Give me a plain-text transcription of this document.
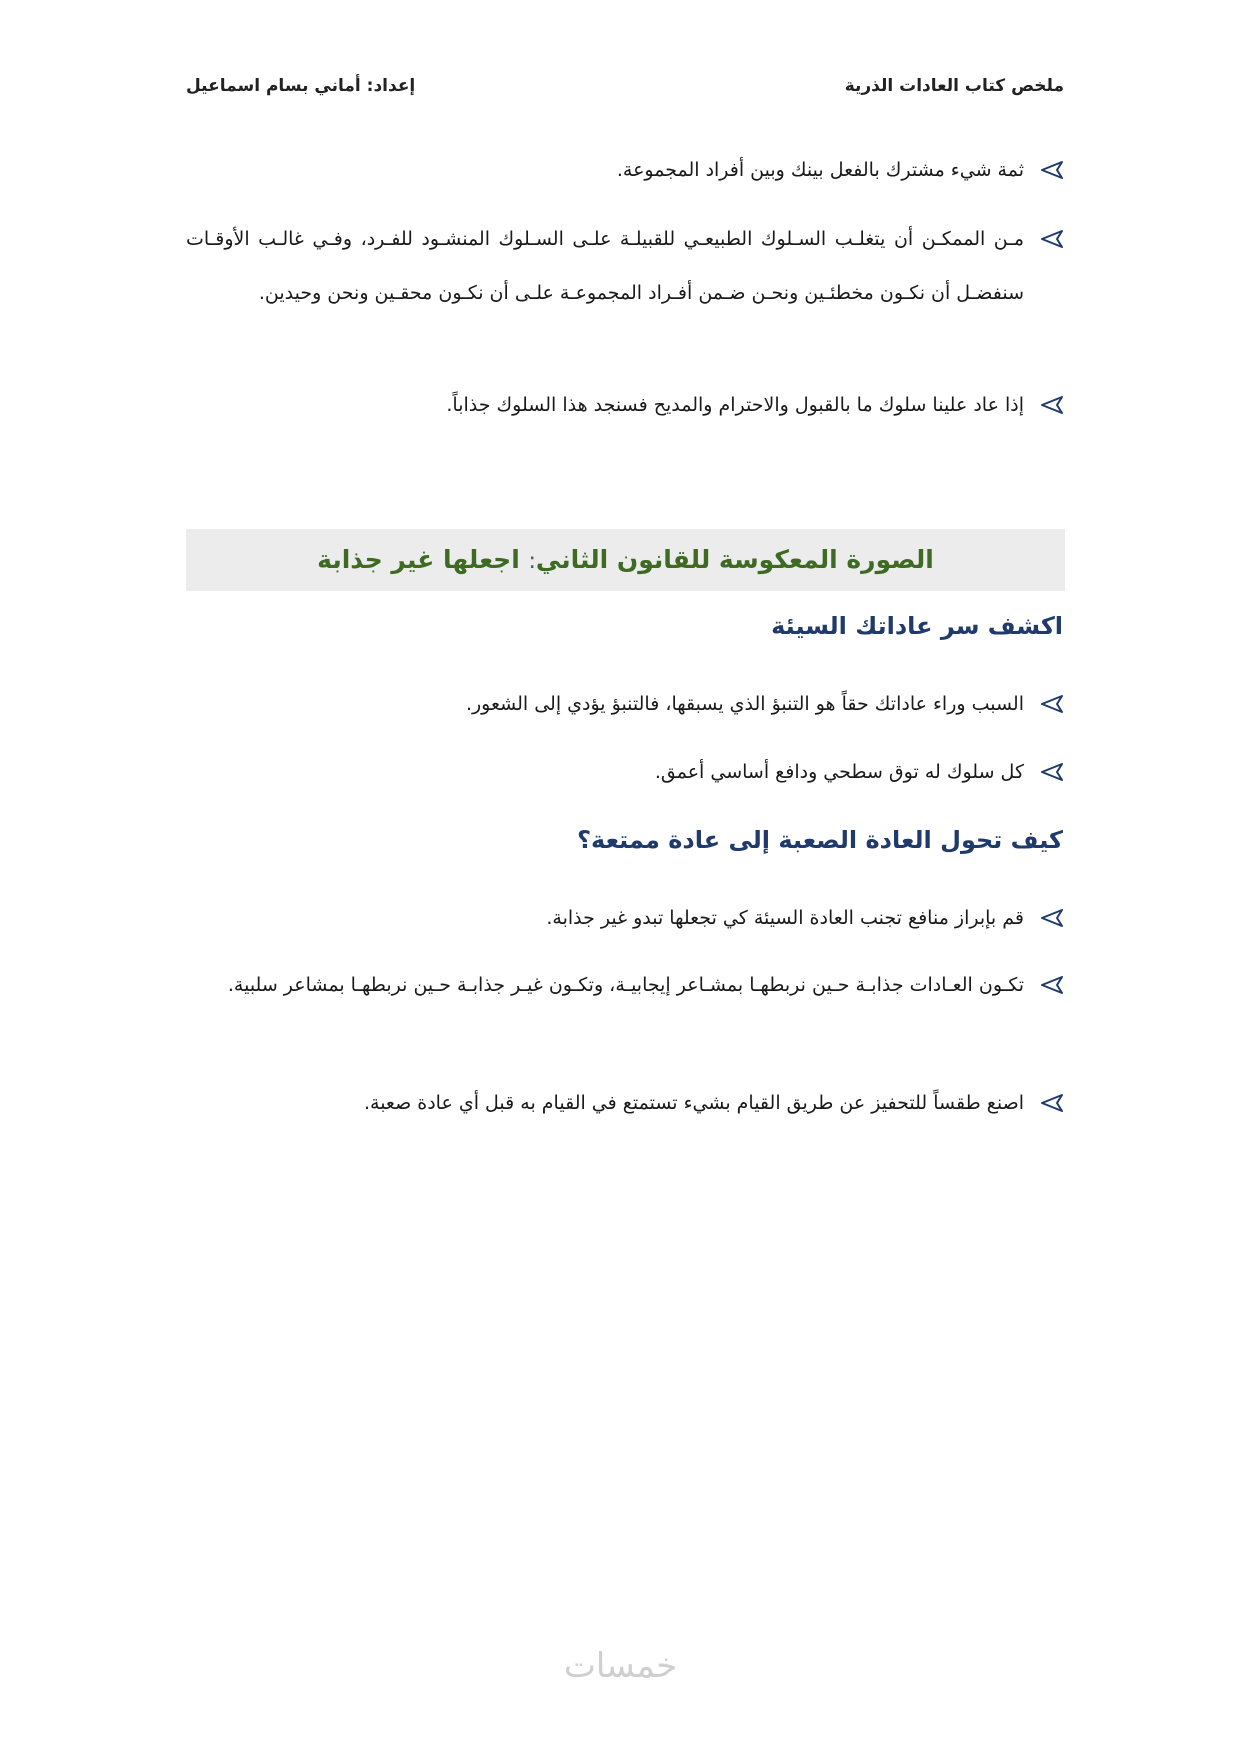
ملخص كتاب العادات الذرية
إعداد: أماني بسام اسماعيل
ثمة شيء مشترك بالفعل بينك وبين أفراد المجموعة.
مـن الممكـن أن يتغلـب السـلوك الطبيعـي للقبيلـة علـى السـلوك المنشـود للفـرد، وفـي غالـب الأوقـات سنفضـل أن نكـون مخطئـين ونحـن ضـمن أفـراد المجموعـة علـى أن نكـون محقـين ونحن وحيدين.
إذا عاد علينا سلوك ما بالقبول والاحترام والمديح فسنجد هذا السلوك جذاباً.
الصورة المعكوسة للقانون الثاني: اجعلها غير جذابة
اكشف سر عاداتك السيئة
السبب وراء عاداتك حقاً هو التنبؤ الذي يسبقها، فالتنبؤ يؤدي إلى الشعور.
كل سلوك له توق سطحي ودافع أساسي أعمق.
كيف تحول العادة الصعبة إلى عادة ممتعة؟
قم بإبراز منافع تجنب العادة السيئة كي تجعلها تبدو غير جذابة.
تكـون العـادات جذابـة حـين نربطهـا بمشـاعر إيجابيـة، وتكـون غيـر جذابـة حـين نربطهـا بمشاعر سلبية.
اصنع طقساً للتحفيز عن طريق القيام بشيء تستمتع في القيام به قبل أي عادة صعبة.
خمسات
